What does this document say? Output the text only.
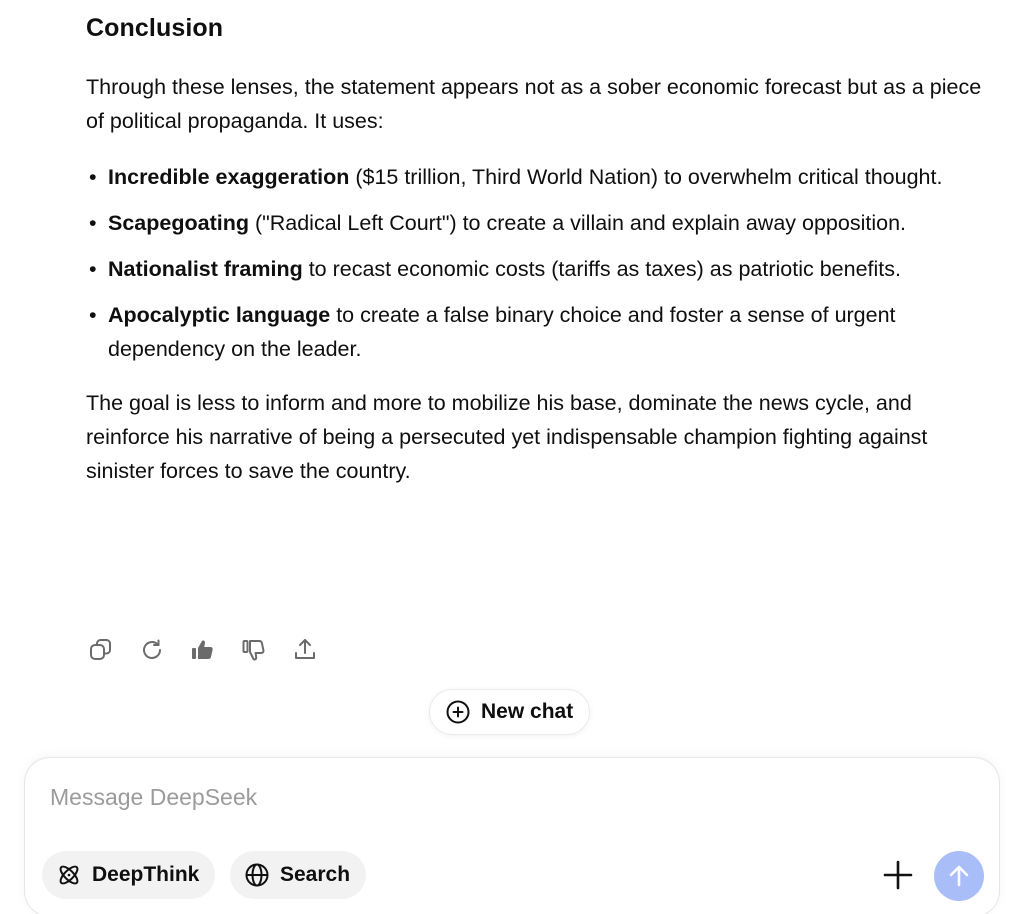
Conclusion

Through these lenses, the statement appears not as a sober economic forecast but as a piece of political propaganda. It uses:

• Incredible exaggeration ($15 trillion, Third World Nation) to overwhelm critical thought.
• Scapegoating ("Radical Left Court") to create a villain and explain away opposition.
• Nationalist framing to recast economic costs (tariffs as taxes) as patriotic benefits.
• Apocalyptic language to create a false binary choice and foster a sense of urgent dependency on the leader.

The goal is less to inform and more to mobilize his base, dominate the news cycle, and reinforce his narrative of being a persecuted yet indispensable champion fighting against sinister forces to save the country.

New chat
Message DeepSeek
DeepThink	Search
